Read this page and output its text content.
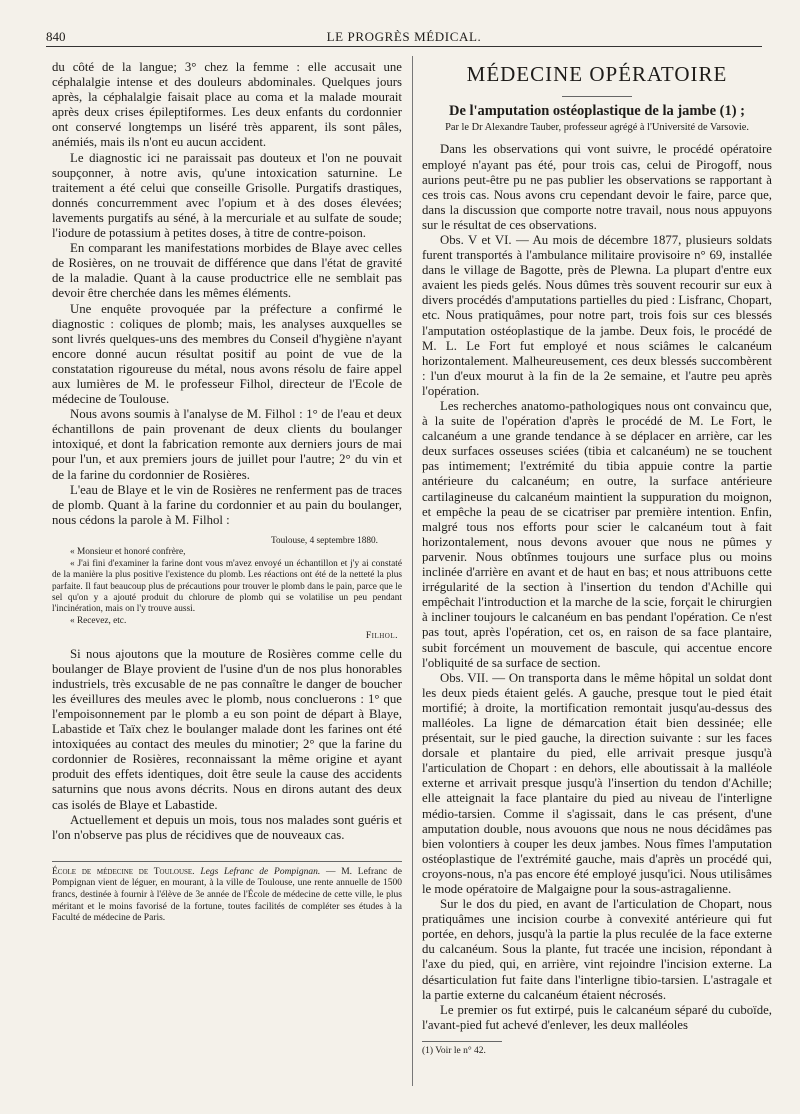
840	LE PROGRÈS MÉDICAL.

du côté de la langue; 3° chez la femme : elle accusait une céphalalgie intense et des douleurs abdominales. Quelques jours après, la céphalalgie faisait place au coma et la malade mourait après deux crises épileptiformes. Les deux enfants du cordonnier ont conservé longtemps un liséré très apparent, ils sont pâles, anémiés, mais ils n'ont eu aucun accident.

Le diagnostic ici ne paraissait pas douteux et l'on ne pouvait soupçonner, à notre avis, qu'une intoxication saturnine. Le traitement a été celui que conseille Grisolle. Purgatifs drastiques, donnés concurremment avec l'opium et à des doses élevées; lavements purgatifs au séné, à la mercuriale et au sulfate de soude; l'iodure de potassium à petites doses, à titre de contre-poison.

En comparant les manifestations morbides de Blaye avec celles de Rosières, on ne trouvait de différence que dans l'état de gravité de la maladie. Quant à la cause productrice elle ne semblait pas devoir être cherchée dans les mêmes éléments.

Une enquête provoquée par la préfecture a confirmé le diagnostic : coliques de plomb; mais, les analyses auxquelles se sont livrés quelques-uns des membres du Conseil d'hygiène n'ayant encore donné aucun résultat positif au point de vue de la constatation rigoureuse du métal, nous avons résolu de faire appel aux lumières de M. le professeur Filhol, directeur de l'Ecole de médecine de Toulouse.

Nous avons soumis à l'analyse de M. Filhol : 1° de l'eau et deux échantillons de pain provenant de deux clients du boulanger intoxiqué, et dont la fabrication remonte aux derniers jours de mai pour l'un, et aux premiers jours de juillet pour l'autre; 2° du vin et de la farine du cordonnier de Rosières.

L'eau de Blaye et le vin de Rosières ne renferment pas de traces de plomb. Quant à la farine du cordonnier et au pain du boulanger, nous cédons la parole à M. Filhol :

Toulouse, 4 septembre 1880.

« Monsieur et honoré confrère,

« J'ai fini d'examiner la farine dont vous m'avez envoyé un échantillon et j'y ai constaté de la manière la plus positive l'existence du plomb. Les réactions ont été de la netteté la plus parfaite. Il faut beaucoup plus de précautions pour trouver le plomb dans le pain, parce que le sel qu'on y a ajouté produit du chlorure de plomb qui se volatilise un peu pendant l'incinération, mais on l'y trouve aussi.

« Recevez, etc.

Filhol.

Si nous ajoutons que la mouture de Rosières comme celle du boulanger de Blaye provient de l'usine d'un de nos plus honorables industriels, très excusable de ne pas connaître le danger de boucher les éveillures des meules avec le plomb, nous concluerons : 1° que l'empoisonnement par le plomb a eu son point de départ à Blaye, Labastide et Taïx chez le boulanger malade dont les farines ont été intoxiquées au contact des meules du minotier; 2° que la farine du cordonnier de Rosières, reconnaissant la même origine et ayant produit des effets identiques, doit être seule la cause des accidents saturnins que nous avons décrits. Nous en dirons autant des deux cas isolés de Blaye et Labastide.

Actuellement et depuis un mois, tous nos malades sont guéris et l'on n'observe pas plus de récidives que de nouveaux cas.

École de médecine de Toulouse. Legs Lefranc de Pompignan. — M. Lefranc de Pompignan vient de léguer, en mourant, à la ville de Toulouse, une rente annuelle de 1500 francs, destinée à fournir à l'élève de 3e année de l'École de médecine de cette ville, le plus méritant et le moins favorisé de la fortune, toutes facilités de compléter ses études à la Faculté de médecine de Paris.
MÉDECINE OPÉRATOIRE
De l'amputation ostéoplastique de la jambe (1) ;
Par le Dr Alexandre Tauber, professeur agrégé à l'Université de Varsovie.

Dans les observations qui vont suivre, le procédé opératoire employé n'ayant pas été, pour trois cas, celui de Pirogoff, nous aurions peut-être pu ne pas publier les observations se rapportant à ces trois cas. Nous avons cru cependant devoir le faire, parce que, dans la discussion que comporte notre travail, nous nous appuyons sur le résultat de ces observations.

Obs. V et VI. — Au mois de décembre 1877, plusieurs soldats furent transportés à l'ambulance militaire provisoire n° 69, installée dans le village de Bagotte, près de Plewna. La plupart d'entre eux avaient les pieds gelés. Nous dûmes très souvent recourir sur eux à divers procédés d'amputations partielles du pied : Lisfranc, Chopart, etc. Nous pratiquâmes, pour notre part, trois fois sur ces blessés l'amputation ostéoplastique de la jambe. Deux fois, le procédé de M. L. Le Fort fut employé et nous sciâmes le calcanéum horizontalement. Malheureusement, ces deux blessés succombèrent : l'un d'eux mourut à la fin de la 2e semaine, et l'autre peu après l'opération.

Les recherches anatomo-pathologiques nous ont convaincu que, à la suite de l'opération d'après le procédé de M. Le Fort, le calcanéum a une grande tendance à se déplacer en arrière, car les deux surfaces osseuses sciées (tibia et calcanéum) ne se touchent pas intimement; l'extrémité du tibia appuie contre la partie antérieure du calcanéum; en outre, la surface antérieure cartilagineuse du calcanéum maintient la suppuration du moignon, et empêche la peau de se cicatriser par première intention. Enfin, malgré tous nos efforts pour scier le calcanéum tout à fait horizontalement, nous devons avouer que nous ne pûmes y parvenir. Nous obtînmes toujours une surface plus ou moins inclinée d'arrière en avant et de haut en bas; et nous attribuons cette irrégularité de la section à l'insertion du tendon d'Achille qui empêchait l'introduction et la marche de la scie, forçait le chirurgien à incliner toujours le calcanéum en bas pendant l'opération. Ce n'est pas tout, après l'opération, cet os, en raison de sa face plantaire, subit forcément un mouvement de bascule, qui accentue encore l'obliquité de sa surface de section.

Obs. VII. — On transporta dans le même hôpital un soldat dont les deux pieds étaient gelés. A gauche, presque tout le pied était mortifié; à droite, la mortification remontait jusqu'au-dessus des malléoles. La ligne de démarcation était bien dessinée; elle présentait, sur le pied gauche, la direction suivante : sur les faces dorsale et plantaire du pied, elle arrivait presque jusqu'à l'articulation de Chopart : en dehors, elle aboutissait à la malléole externe et arrivait presque jusqu'à l'insertion du tendon d'Achille; elle atteignait la face plantaire du pied au niveau de l'interligne médio-tarsien. Comme il s'agissait, dans le cas présent, d'une amputation double, nous avouons que nous ne nous décidâmes pas bien volontiers à couper les deux jambes. Nous fîmes l'amputation ostéoplastique de l'extrémité gauche, mais d'après un procédé qui, croyons-nous, n'a pas encore été employé jusqu'ici. Nous utilisâmes le mode opératoire de Malgaigne pour la sous-astragalienne.

Sur le dos du pied, en avant de l'articulation de Chopart, nous pratiquâmes une incision courbe à convexité antérieure qui fut portée, en dehors, jusqu'à la partie la plus reculée de la face externe du calcanéum. Sous la plante, fut tracée une incision, répondant à l'axe du pied, qui, en arrière, vint rejoindre l'incision externe. La désarticulation fut faite dans l'interligne tibio-tarsien. L'astragale et la partie externe du calcanéum étaient nécrosés.

Le premier os fut extirpé, puis le calcanéum séparé du cuboïde, l'avant-pied fut achevé d'enlever, les deux malléoles

(1) Voir le n° 42.
